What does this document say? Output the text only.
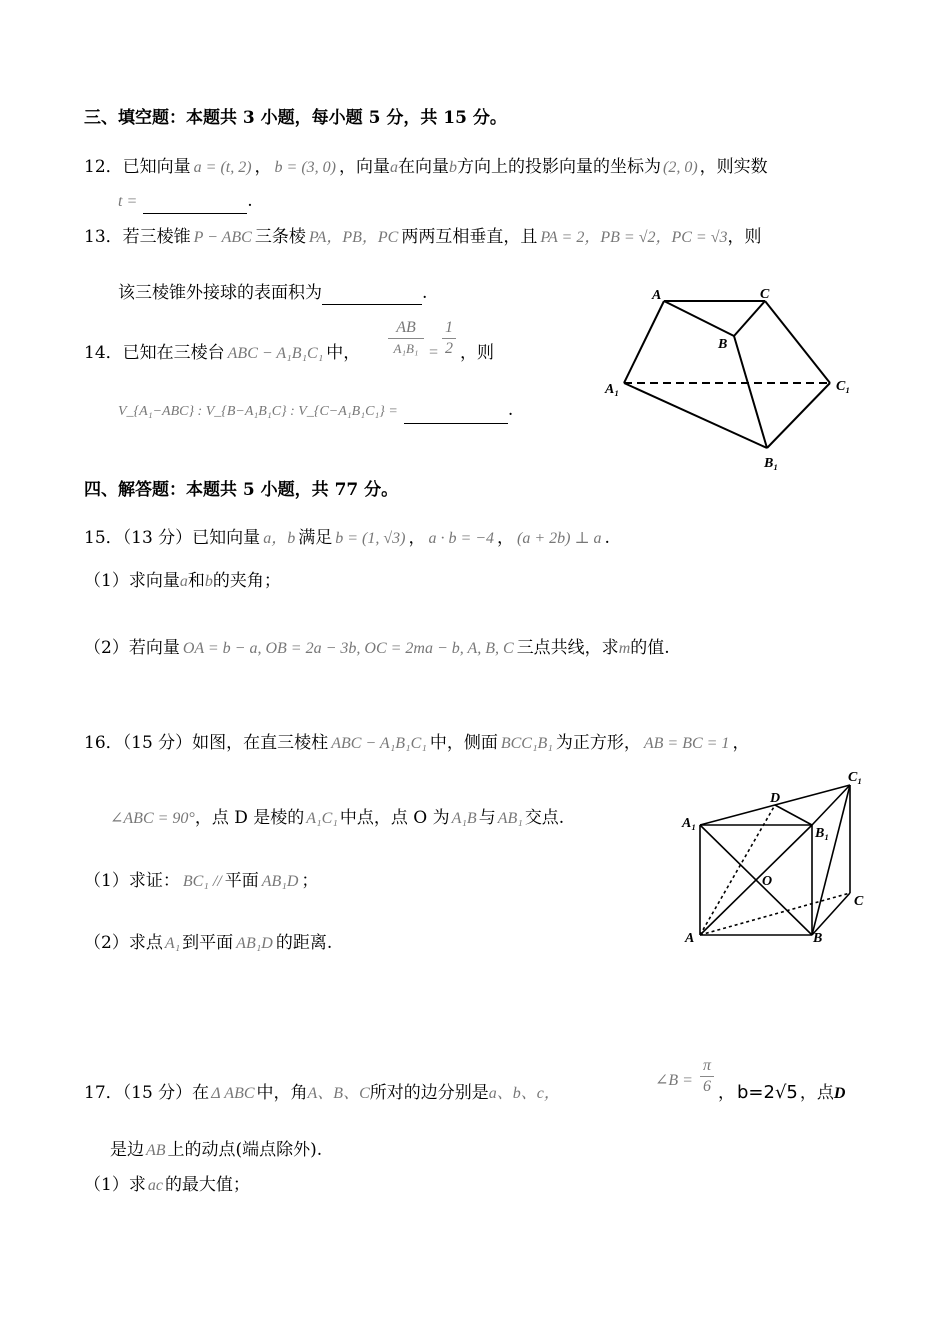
三、填空题：本题共 3 小题，每小题 5 分，共 15 分。
12．已知向量 a = (t, 2) ， b = (3, 0) ，向量a在向量b方向上的投影向量的坐标为 (2, 0) ，则实数
t =	.
13．若三棱锥 P − ABC 三条棱 PA，PB，PC 两两互相垂直，且 PA = 2，PB = √2，PC = √3，则
该三棱锥外接球的表面积为	.
14．已知在三棱台 ABC − A₁B₁C₁ 中，
AB
A₁B₁ =
1
2 ，则
V_{A₁−ABC} : V_{B−A₁B₁C} : V_{C−A₁B₁C₁} =	.
A	C
B
A₁	C₁
B₁
四、解答题：本题共 5 小题，共 77 分。
15．（13 分）已知向量 a，b 满足 b = (1, √3) ， a · b = −4 ， (a + 2b) ⊥ a .
（1）求向量a和b的夹角；
（2）若向量 OA = b − a, OB = 2a − 3b, OC = 2ma − b, A, B, C 三点共线，求m的值.
16．（15 分）如图，在直三棱柱 ABC − A₁B₁C₁ 中，侧面 BCC₁B₁ 为正方形， AB = BC = 1 ，
∠ABC = 90°，点 D 是棱的 A₁C₁ 中点，点 O 为 A₁B 与 AB₁ 交点.
（1）求证： BC₁ // 平面 AB₁D ；
（2）求点 A₁ 到平面 AB₁D 的距离.
C₁
D
A₁
B₁
O
C
A	B
17．（15 分）在 Δ ABC 中，角A、B、C所对的边分别是a、b、c，
∠B =
π
6 ， b=2√5 ，点D
是边 AB 上的动点(端点除外).
（1）求 ac 的最大值；
